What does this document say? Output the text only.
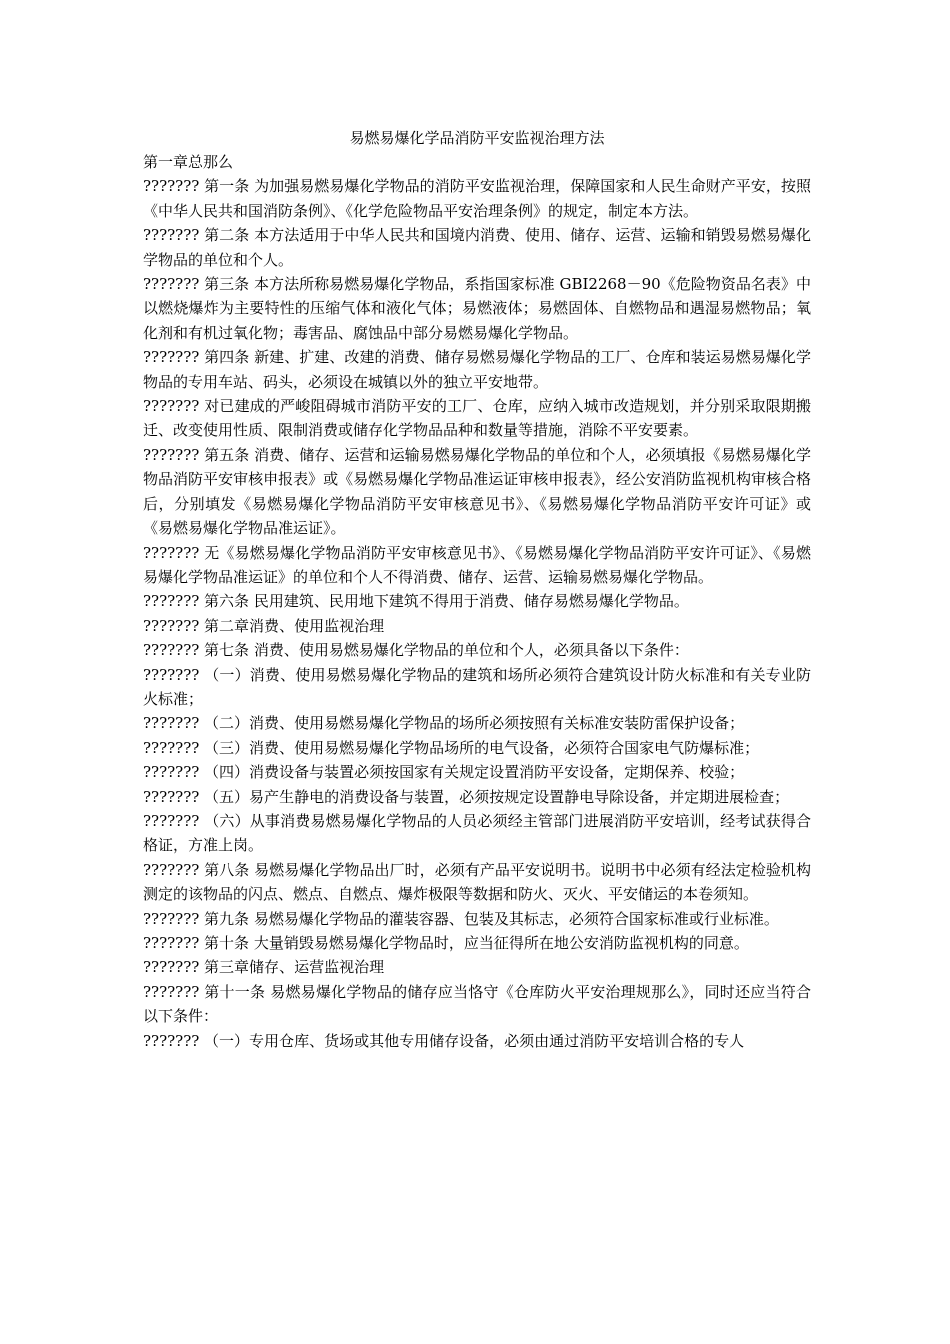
易燃易爆化学品消防平安监视治理方法

第一章总那么

??????? 第一条 为加强易燃易爆化学物品的消防平安监视治理，保障国家和人民生命财产平安，按照《中华人民共和国消防条例》、《化学危险物品平安治理条例》的规定，制定本方法。

??????? 第二条 本方法适用于中华人民共和国境内消费、使用、储存、运营、运输和销毁易燃易爆化学物品的单位和个人。

??????? 第三条 本方法所称易燃易爆化学物品，系指国家标准 GBI2268－90《危险物资品名表》中以燃烧爆炸为主要特性的压缩气体和液化气体；易燃液体；易燃固体、自燃物品和遇湿易燃物品；氧化剂和有机过氧化物；毒害品、腐蚀品中部分易燃易爆化学物品。

??????? 第四条 新建、扩建、改建的消费、储存易燃易爆化学物品的工厂、仓库和装运易燃易爆化学物品的专用车站、码头，必须设在城镇以外的独立平安地带。

??????? 对已建成的严峻阻碍城市消防平安的工厂、仓库，应纳入城市改造规划，并分别采取限期搬迁、改变使用性质、限制消费或储存化学物品品种和数量等措施，消除不平安要素。

??????? 第五条 消费、储存、运营和运输易燃易爆化学物品的单位和个人，必须填报《易燃易爆化学物品消防平安审核申报表》或《易燃易爆化学物品准运证审核申报表》，经公安消防监视机构审核合格后，分别填发《易燃易爆化学物品消防平安审核意见书》、《易燃易爆化学物品消防平安许可证》或《易燃易爆化学物品准运证》。

??????? 无《易燃易爆化学物品消防平安审核意见书》、《易燃易爆化学物品消防平安许可证》、《易燃易爆化学物品准运证》的单位和个人不得消费、储存、运营、运输易燃易爆化学物品。

??????? 第六条 民用建筑、民用地下建筑不得用于消费、储存易燃易爆化学物品。

??????? 第二章消费、使用监视治理

??????? 第七条 消费、使用易燃易爆化学物品的单位和个人，必须具备以下条件：

??????? （一）消费、使用易燃易爆化学物品的建筑和场所必须符合建筑设计防火标准和有关专业防火标准；

??????? （二）消费、使用易燃易爆化学物品的场所必须按照有关标准安装防雷保护设备；

??????? （三）消费、使用易燃易爆化学物品场所的电气设备，必须符合国家电气防爆标准；

??????? （四）消费设备与装置必须按国家有关规定设置消防平安设备，定期保养、校验；

??????? （五）易产生静电的消费设备与装置，必须按规定设置静电导除设备，并定期进展检查；

??????? （六）从事消费易燃易爆化学物品的人员必须经主管部门进展消防平安培训，经考试获得合格证，方准上岗。

??????? 第八条 易燃易爆化学物品出厂时，必须有产品平安说明书。说明书中必须有经法定检验机构测定的该物品的闪点、燃点、自燃点、爆炸极限等数据和防火、灭火、平安储运的本卷须知。

??????? 第九条 易燃易爆化学物品的灌装容器、包装及其标志，必须符合国家标准或行业标准。

??????? 第十条 大量销毁易燃易爆化学物品时，应当征得所在地公安消防监视机构的同意。

??????? 第三章储存、运营监视治理

??????? 第十一条 易燃易爆化学物品的储存应当恪守《仓库防火平安治理规那么》，同时还应当符合以下条件：

??????? （一）专用仓库、货场或其他专用储存设备，必须由通过消防平安培训合格的专人
